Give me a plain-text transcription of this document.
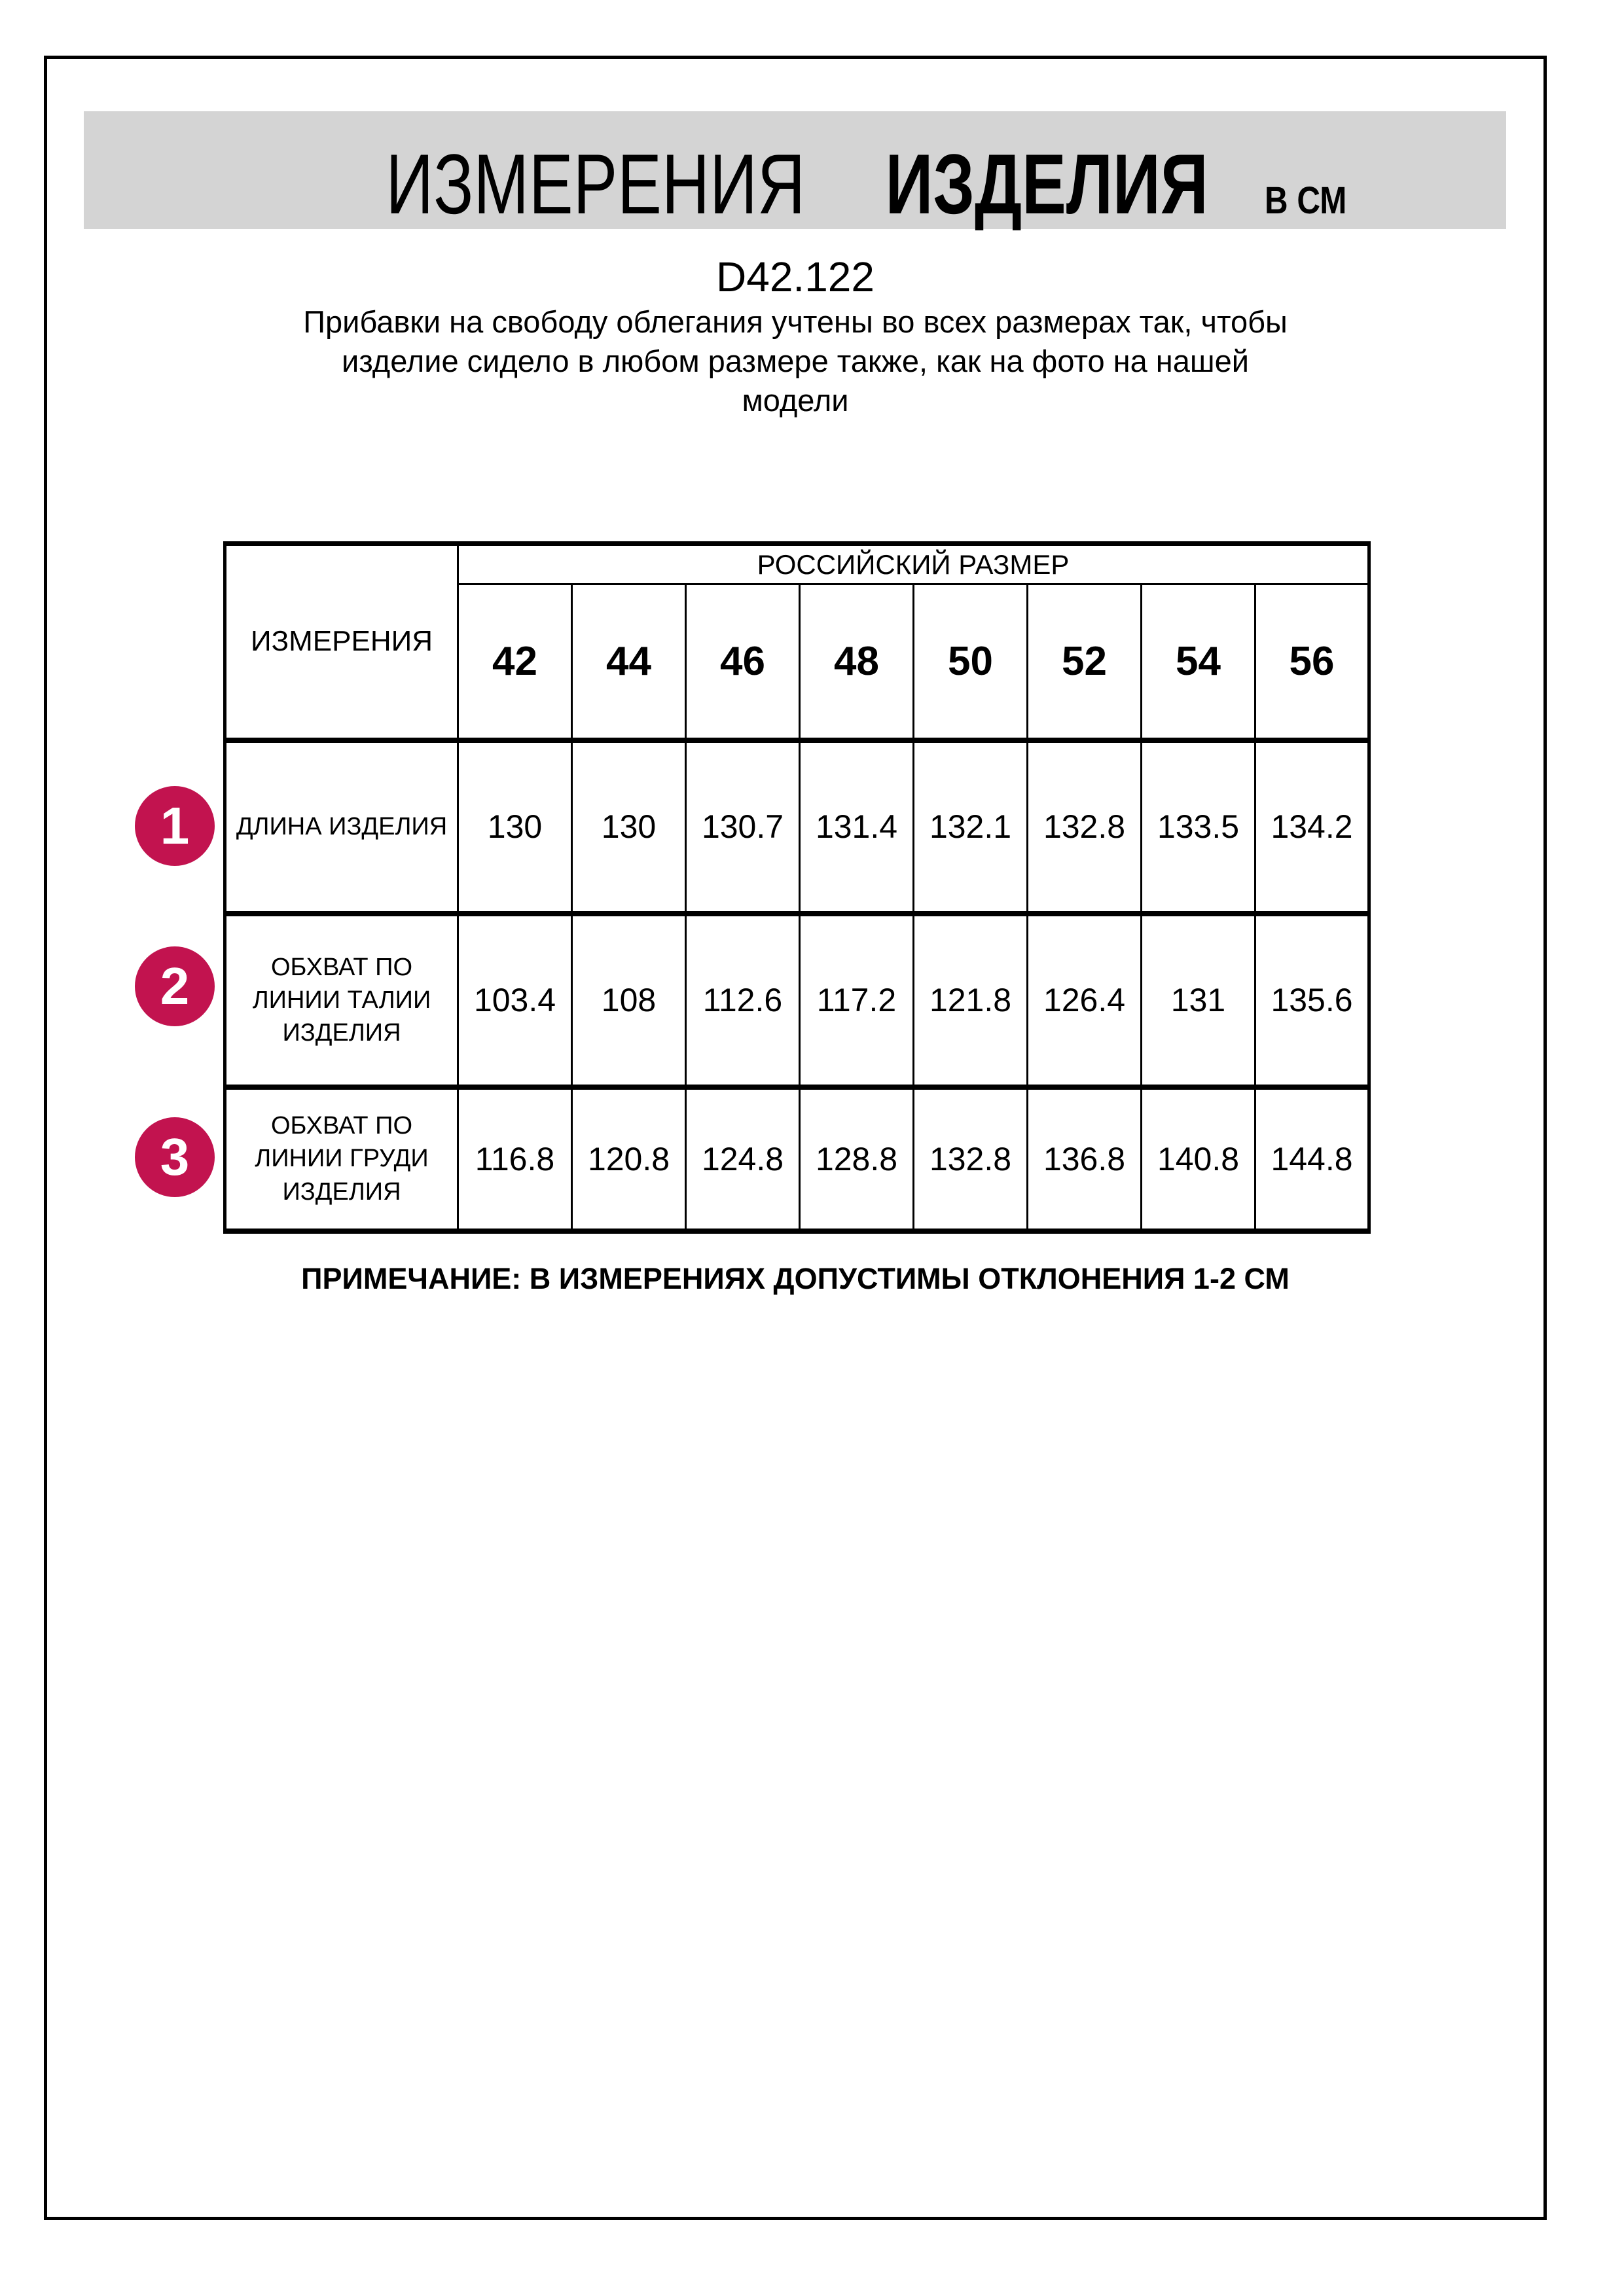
ИЗМЕРЕНИЯ ИЗДЕЛИЯ В СМ
D42.122
Прибавки на свободу облегания учтены во всех размерах так, чтобы
изделие сидело в любом размере также, как на фото на нашей
модели
ИЗМЕРЕНИЯ	РОССИЙСКИЙ РАЗМЕР							
	42	44	46	48	50	52	54	56
ДЛИНА ИЗДЕЛИЯ	130	130	130.7	131.4	132.1	132.8	133.5	134.2
ОБХВАТ ПО ЛИНИИ ТАЛИИ ИЗДЕЛИЯ	103.4	108	112.6	117.2	121.8	126.4	131	135.6
ОБХВАТ ПО ЛИНИИ ГРУДИ ИЗДЕЛИЯ	116.8	120.8	124.8	128.8	132.8	136.8	140.8	144.8
1
2
3
ПРИМЕЧАНИЕ: В ИЗМЕРЕНИЯХ ДОПУСТИМЫ ОТКЛОНЕНИЯ 1-2 СМ
